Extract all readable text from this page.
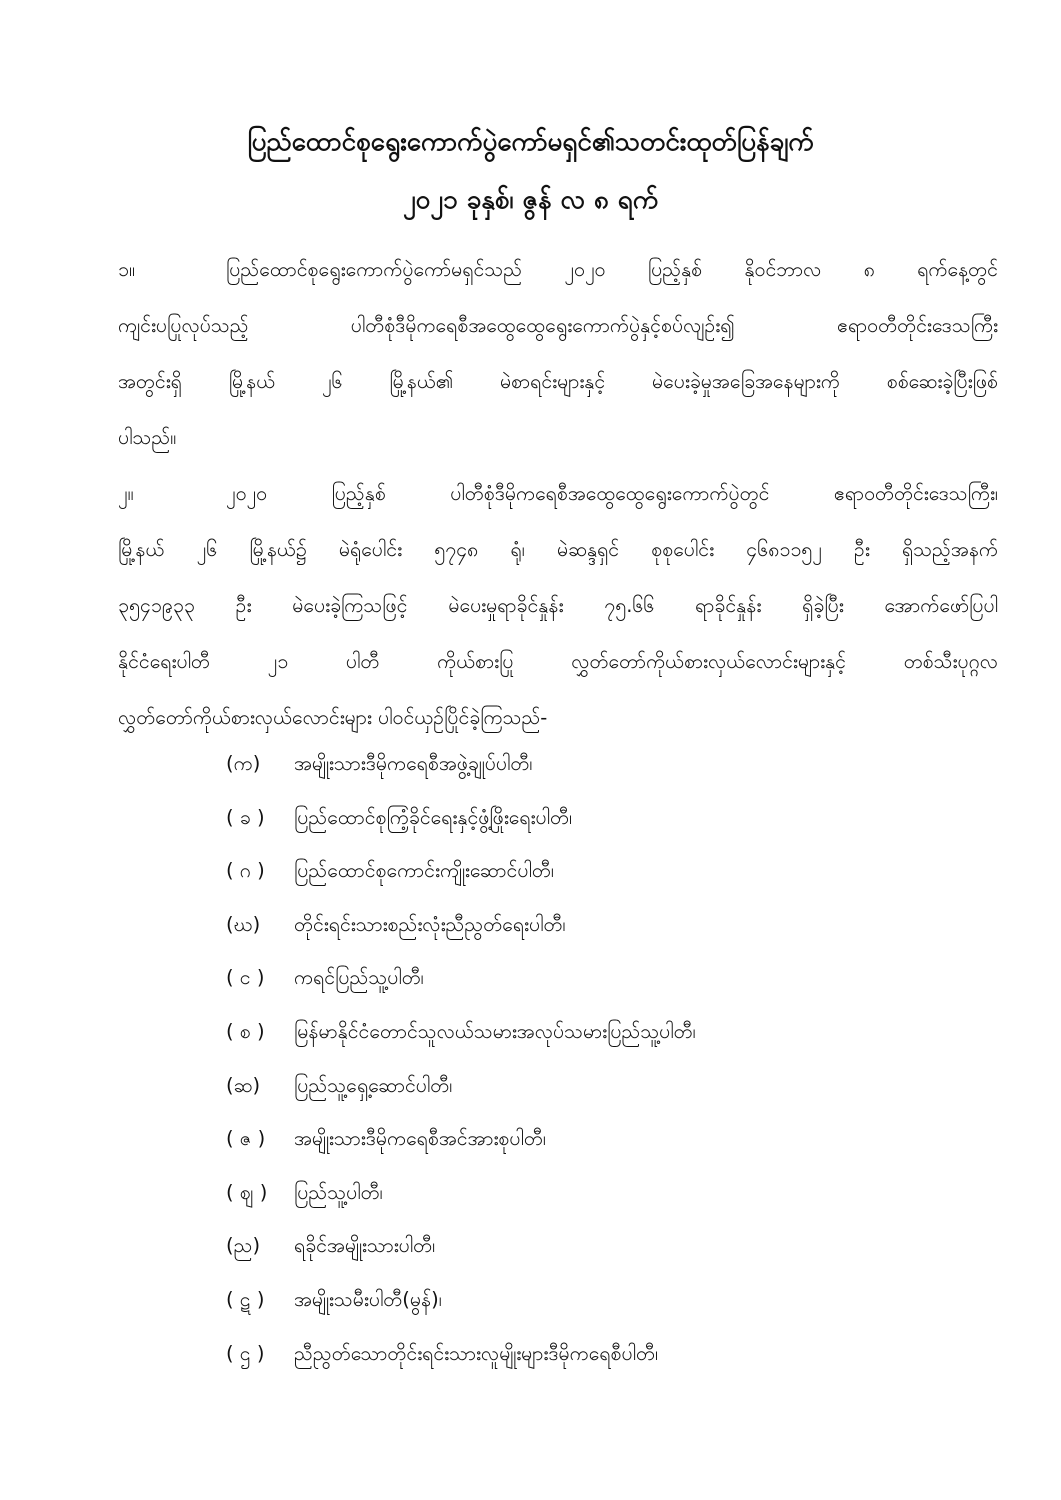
ပြည်ထောင်စုရွေးကောက်ပွဲကော်မရှင်၏သတင်းထုတ်ပြန်ချက်
၂၀၂၁ ခုနှစ်၊ ဇွန် လ ၈ ရက်
၁။	ပြည်ထောင်စုရွေးကောက်ပွဲကော်မရှင်သည် ၂၀၂၀ ပြည့်နှစ် နိုဝင်ဘာလ ၈ ရက်နေ့တွင်
ကျင်းပပြုလုပ်သည့် ပါတီစုံဒီမိုကရေစီအထွေထွေရွေးကောက်ပွဲနှင့်စပ်လျဉ်း၍ ဧရာဝတီတိုင်းဒေသကြီး
အတွင်းရှိ မြို့နယ် ၂၆ မြို့နယ်၏ မဲစာရင်းများနှင့် မဲပေးခဲ့မှုအခြေအနေများကို စစ်ဆေးခဲ့ပြီးဖြစ်
ပါသည်။
၂။	၂၀၂၀ ပြည့်နှစ် ပါတီစုံဒီမိုကရေစီအထွေထွေရွေးကောက်ပွဲတွင် ဧရာဝတီတိုင်းဒေသကြီး၊
မြို့နယ် ၂၆ မြို့နယ်၌ မဲရုံပေါင်း ၅၇၄၈ ရုံ၊ မဲဆန္ဒရှင် စုစုပေါင်း ၄၆၈၁၁၅၂ ဦး ရှိသည့်အနက်
၃၅၄၁၉၃၃ ဦး မဲပေးခဲ့ကြသဖြင့် မဲပေးမှုရာခိုင်နှုန်း ၇၅.၆၆ ရာခိုင်နှုန်း ရှိခဲ့ပြီး အောက်ဖော်ပြပါ
နိုင်ငံရေးပါတီ ၂၁ ပါတီ ကိုယ်စားပြု လွှတ်တော်ကိုယ်စားလှယ်လောင်းများနှင့် တစ်သီးပုဂ္ဂလ
လွှတ်တော်ကိုယ်စားလှယ်လောင်းများ ပါဝင်ယှဉ်ပြိုင်ခဲ့ကြသည်-
(က) အမျိုးသားဒီမိုကရေစီအဖွဲ့ချုပ်ပါတီ၊
( ခ ) ပြည်ထောင်စုကြံ့ခိုင်ရေးနှင့်ဖွံ့ဖြိုးရေးပါတီ၊
( ဂ ) ပြည်ထောင်စုကောင်းကျိုးဆောင်ပါတီ၊
(ဃ) တိုင်းရင်းသားစည်းလုံးညီညွတ်ရေးပါတီ၊
( င ) ကရင်ပြည်သူ့ပါတီ၊
( စ ) မြန်မာနိုင်ငံတောင်သူလယ်သမားအလုပ်သမားပြည်သူ့ပါတီ၊
(ဆ) ပြည်သူ့ရှေ့ဆောင်ပါတီ၊
( ဇ ) အမျိုးသားဒီမိုကရေစီအင်အားစုပါတီ၊
( ဈ ) ပြည်သူ့ပါတီ၊
(ည) ရခိုင်အမျိုးသားပါတီ၊
( ဋ ) အမျိုးသမီးပါတီ(မွန်)၊
( ဌ ) ညီညွတ်သောတိုင်းရင်းသားလူမျိုးများဒီမိုကရေစီပါတီ၊
